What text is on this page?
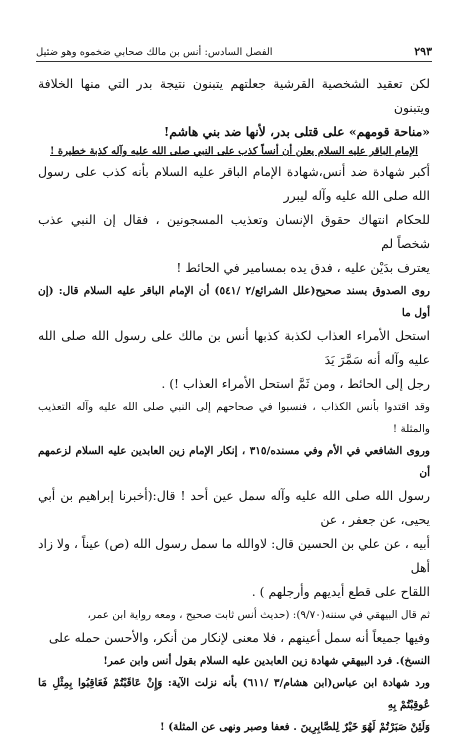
٢٩٣
الفصل السادس: أنس بن مالك صحابي ضخموه وهو ضئيل

لكن تعقيد الشخصية القرشية جعلتهم يتبنون نتيجة بدر التي منها الخلافة ويتبنون

«مناحة قومهم» على قتلى بدر، لأنها ضد بني هاشم!

الإمام الباقر عليه السلام يعلن أن أنساً كذب على النبي صلى الله عليه وآله كذبة خطيرة !

أكبر شهادة ضد أنس،شهادة الإمام الباقر عليه السلام بأنه كذب على رسول الله صلى الله عليه وآله ليبرر

للحكام انتهاك حقوق الإنسان وتعذيب المسجونين ، فقال إن النبي عذب شخصاً لم

يعترف بدَيْن عليه ، فدق يده بمسامير في الحائط !

روى الصدوق بسند صحيح(علل الشرائع/٢ /٥٤١) أن الإمام الباقر عليه السلام قال: (إن أول ما

استحل الأمراء العذاب لكذبة كذبها أنس بن مالك على رسول الله صلى الله عليه وآله أنه سَمَّرَ يَدَ

رجل إلى الحائط ، ومن ثَمَّ استحل الأمراء العذاب !) .

وقد اقتدوا بأنس الكذاب ، فنسبوا في صحاحهم إلى النبي صلى الله عليه وآله التعذيب والمثلة !

وروى الشافعي في الأم وفي مسنده/٣١٥ ، إنكار الإمام زين العابدين عليه السلام لزعمهم أن

رسول الله صلى الله عليه وآله سمل عين أحد ! قال:(أخبرنا إبراهيم بن أبي يحيى، عن جعفر ، عن

أبيه ، عن علي بن الحسين قال: لاوالله ما سمل رسول الله (ص) عيناً ، ولا زاد أهل

اللقاح على قطع أيديهم وأرجلهم ) .

ثم قال البيهقي في سننه(٩/٧٠): (حديث أنس ثابت صحيح ، ومعه رواية ابن عمر،

وفيها جميعاً أنه سمل أعينهم ، فلا معنى لإنكار من أنكر، والأحسن حمله على

النسخ). فرد البيهقي شهادة زين العابدين عليه السلام بقول أنس وابن عمر!

ورد شهادة ابن عباس(ابن هشام/٣ /٦١١) بأنه نزلت الآية: وَإِنْ عَاقَبْتُمْ فَعَاقِبُوا بِمِثْلِ مَا عُوقِبْتُمْ بِهِ

وَلَئِنْ صَبَرْتُمْ لَهُوَ خَيْرٌ لِلصَّابِرِينَ . فعفا وصبر ونهى عن المثلة) !
